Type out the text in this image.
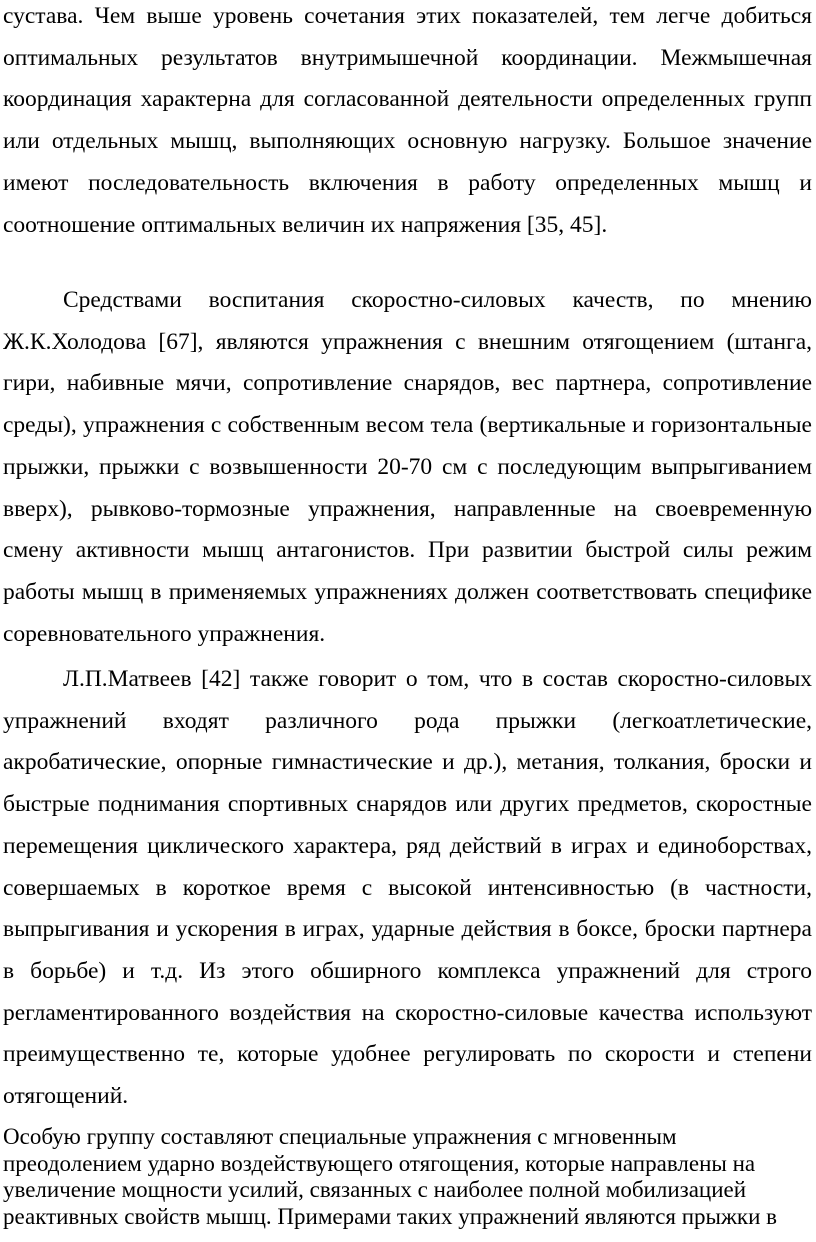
сустава. Чем выше уровень сочетания этих показателей, тем легче добиться оптимальных результатов внутримышечной координации. Межмышечная координация характерна для согласованной деятельности определенных групп или отдельных мышц, выполняющих основную нагрузку. Большое значение имеют последовательность включения в работу определенных мышц и соотношение оптимальных величин их напряжения [35, 45].

Средствами воспитания скоростно-силовых качеств, по мнению Ж.К.Холодова [67], являются упражнения с внешним отягощением (штанга, гири, набивные мячи, сопротивление снарядов, вес партнера, сопротивление среды), упражнения с собственным весом тела (вертикальные и горизонтальные прыжки, прыжки с возвышенности 20-70 см с последующим выпрыгиванием вверх), рывково-тормозные упражнения, направленные на своевременную смену активности мышц антагонистов. При развитии быстрой силы режим работы мышц в применяемых упражнениях должен соответствовать специфике соревновательного упражнения.

Л.П.Матвеев [42] также говорит о том, что в состав скоростно-силовых упражнений входят различного рода прыжки (легкоатлетические, акробатические, опорные гимнастические и др.), метания, толкания, броски и быстрые поднимания спортивных снарядов или других предметов, скоростные перемещения циклического характера, ряд действий в играх и единоборствах, совершаемых в короткое время с высокой интенсивностью (в частности, выпрыгивания и ускорения в играх, ударные действия в боксе, броски партнера в борьбе) и т.д. Из этого обширного комплекса упражнений для строго регламентированного воздействия на скоростно-силовые качества используют преимущественно те, которые удобнее регулировать по скорости и степени отягощений.

Особую группу составляют специальные упражнения с мгновенным
преодолением ударно воздействующего отягощения, которые направлены на
увеличение мощности усилий, связанных с наиболее полной мобилизацией
реактивных свойств мышц. Примерами таких упражнений являются прыжки в
